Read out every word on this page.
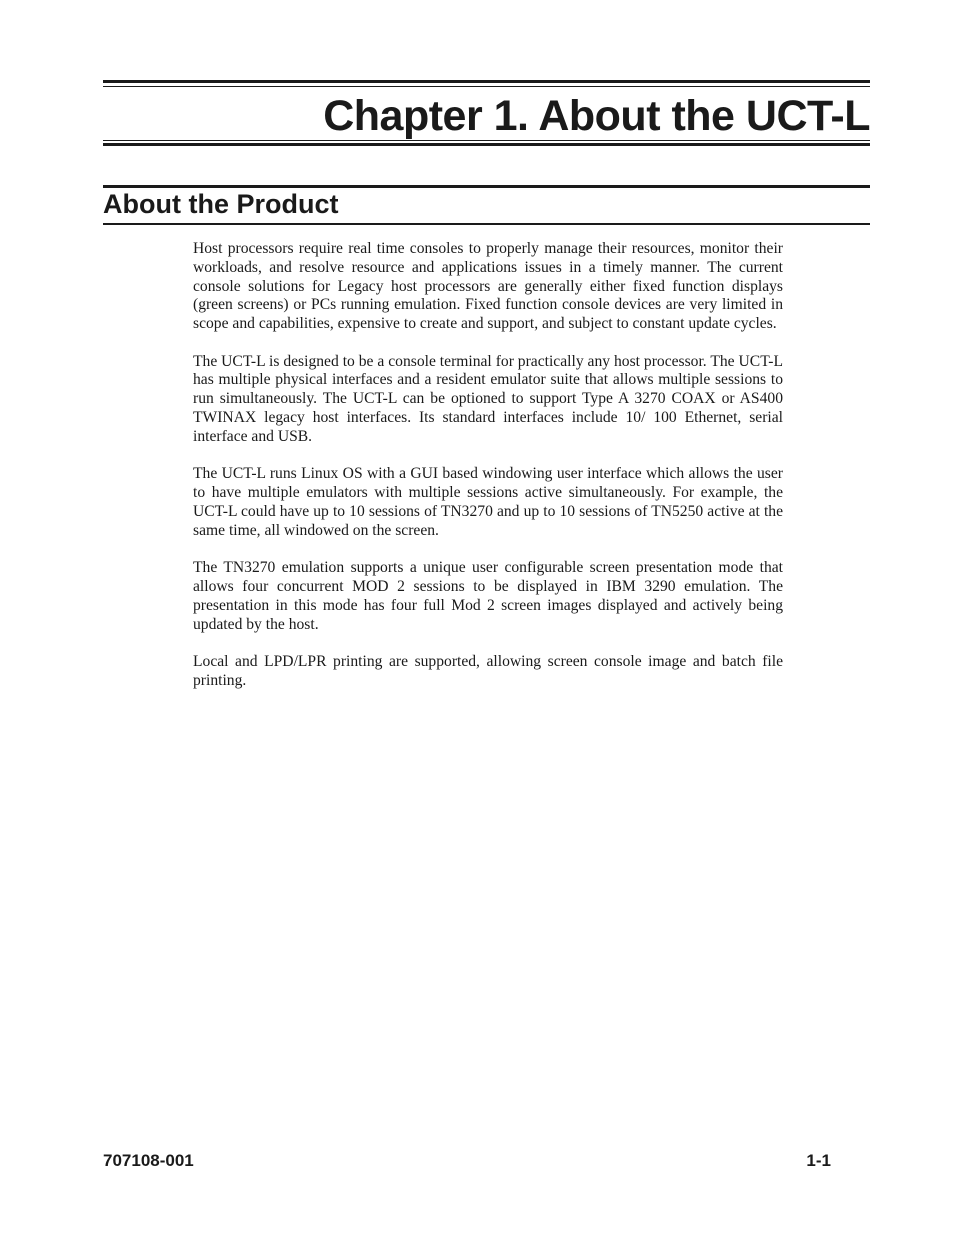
Chapter 1. About the UCT-L
About the Product

Host processors require real time consoles to properly manage their resources, monitor their workloads, and resolve resource and applications issues in a timely manner. The current console solutions for Legacy host processors are generally either fixed function displays (green screens) or PCs running emulation. Fixed function console devices are very limited in scope and capabilities, expensive to create and support, and subject to constant update cycles.

The UCT-L is designed to be a console terminal for practically any host processor. The UCT-L has multiple physical interfaces and a resident emulator suite that allows multiple sessions to run simultaneously. The UCT-L can be optioned to support Type A 3270 COAX or AS400 TWINAX legacy host interfaces. Its standard interfaces include 10/ 100 Ethernet, serial interface and USB.

The UCT-L runs Linux OS with a GUI based windowing user interface which allows the user to have multiple emulators with multiple sessions active simultaneously. For example, the UCT-L could have up to 10 sessions of TN3270 and up to 10 sessions of TN5250 active at the same time, all windowed on the screen.

The TN3270 emulation supports a unique user configurable screen presentation mode that allows four concurrent MOD 2 sessions to be displayed in IBM 3290 emulation. The presentation in this mode has four full Mod 2 screen images displayed and actively being updated by the host.

Local and LPD/LPR printing are supported, allowing screen console image and batch file printing.

707108-001	1-1
